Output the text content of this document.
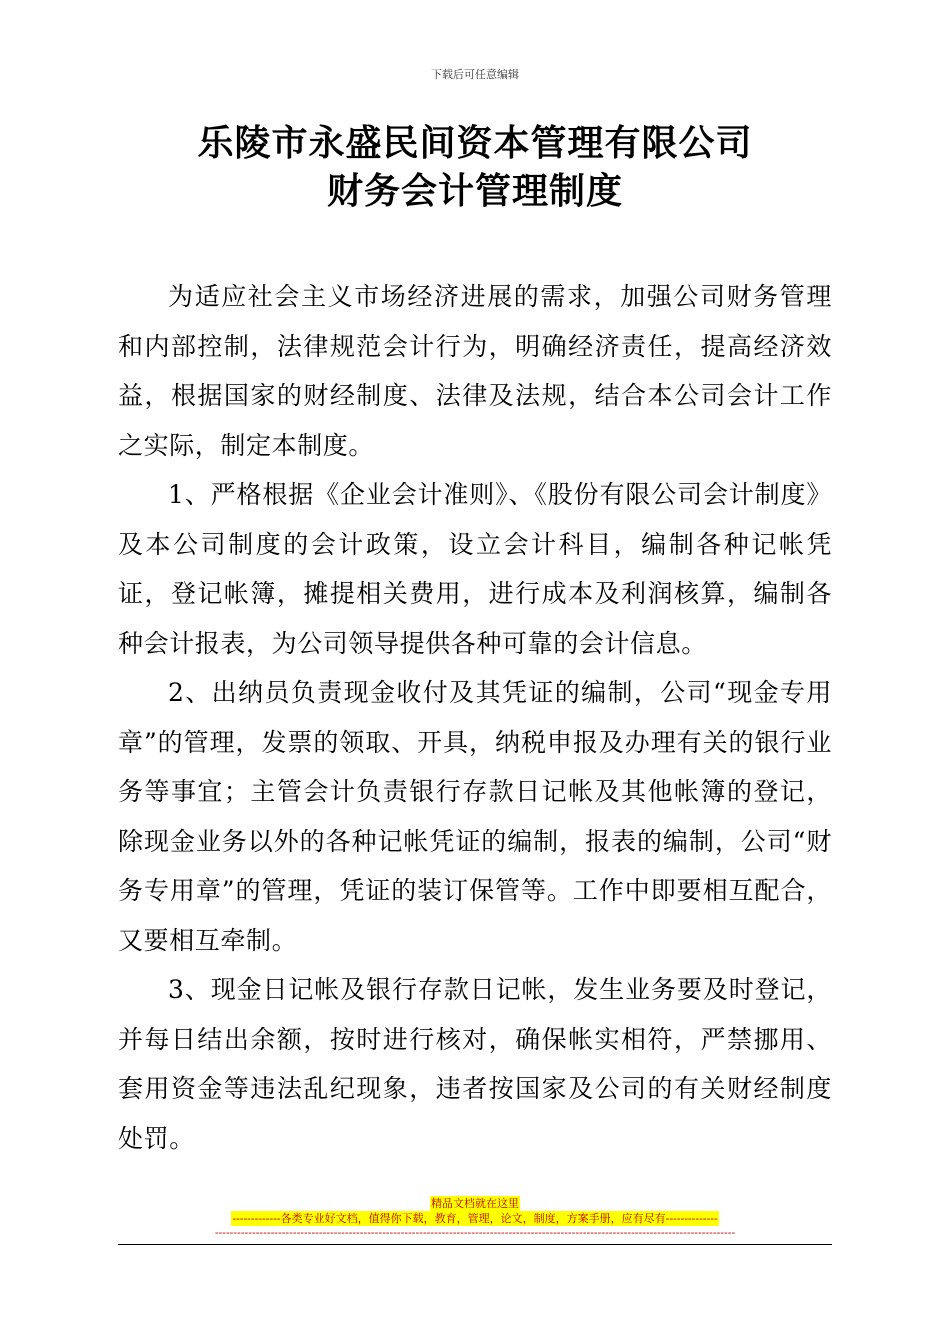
下载后可任意编辑
乐陵市永盛民间资本管理有限公司
财务会计管理制度

为适应社会主义市场经济进展的需求，加强公司财务管理和内部控制，法律规范会计行为，明确经济责任，提高经济效益，根据国家的财经制度、法律及法规，结合本公司会计工作之实际，制定本制度。

1、严格根据《企业会计准则》、《股份有限公司会计制度》及本公司制度的会计政策，设立会计科目，编制各种记帐凭证，登记帐簿，摊提相关费用，进行成本及利润核算，编制各种会计报表，为公司领导提供各种可靠的会计信息。

2、出纳员负责现金收付及其凭证的编制，公司“现金专用章”的管理，发票的领取、开具，纳税申报及办理有关的银行业务等事宜；主管会计负责银行存款日记帐及其他帐簿的登记，除现金业务以外的各种记帐凭证的编制，报表的编制，公司“财务专用章”的管理，凭证的装订保管等。工作中即要相互配合，又要相互牵制。

3、现金日记帐及银行存款日记帐，发生业务要及时登记，并每日结出余额，按时进行核对，确保帐实相符，严禁挪用、套用资金等违法乱纪现象，违者按国家及公司的有关财经制度处罚。

精品文档就在这里
-------------各类专业好文档，值得你下载，教育，管理，论文，制度，方案手册，应有尽有--------------
--------------------------------------------------------------------------------------------------------------------------------------------
